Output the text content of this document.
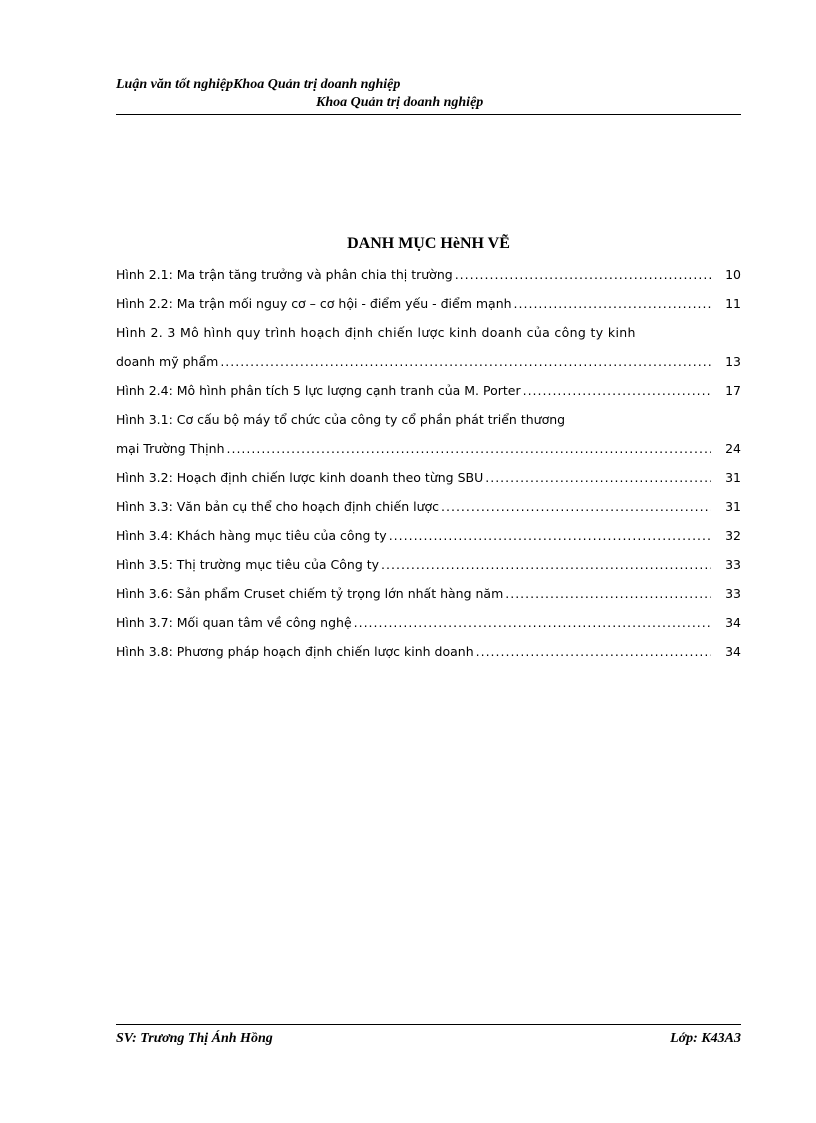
Luận văn tốt nghiệpKhoa Quản trị doanh nghiệp
Khoa Quản trị doanh nghiệp
DANH MỤC HèNH VẼ
Hình 2.1: Ma trận tăng trưởng và phân chia thị trường .....	10
Hình 2.2: Ma trận mối nguy cơ – cơ hội - điểm yếu - điểm mạnh .....	11
Hình 2. 3 Mô hình quy trình hoạch định chiến lược kinh doanh của công ty kinh
doanh mỹ phẩm .....	13
Hình 2.4: Mô hình phân tích 5 lực lượng cạnh tranh của M. Porter .....	17
Hình 3.1: Cơ cấu bộ máy tổ chức của công ty cổ phần phát triển thương
mại Trường Thịnh .....	24
Hình 3.2: Hoạch định chiến lược kinh doanh theo từng SBU .....	31
Hình 3.3: Văn bản cụ thể cho hoạch định chiến lược .....	31
Hình 3.4: Khách hàng mục tiêu của công ty .....	32
Hình 3.5: Thị trường mục tiêu của Công ty .....	33
Hình 3.6: Sản phẩm Cruset chiếm tỷ trọng lớn nhất hàng năm .....	33
Hình 3.7: Mối quan tâm về công nghệ .....	34
Hình 3.8: Phương pháp hoạch định chiến lược kinh doanh .....	34
SV: Trương Thị Ánh Hồng	Lớp: K43A3
